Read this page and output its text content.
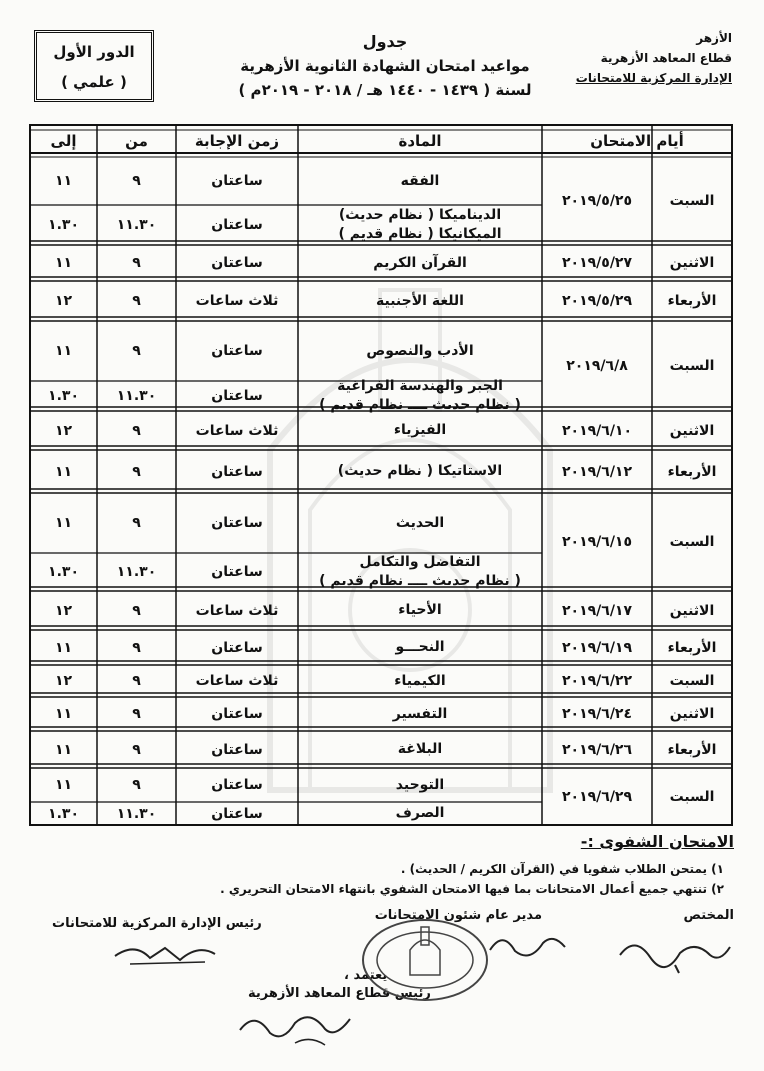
الأزهر
قطاع المعاهد الأزهرية
الإدارة المركزية للامتحانات
جدول
مواعيد امتحان الشهادة الثانوية الأزهرية
لسنة ( ١٤٣٩ - ١٤٤٠ هـ / ٢٠١٨ - ٢٠١٩م )
الدور الأول
( علمي )
أيام الامتحان
المادة
زمن الإجابة
من
إلى
السبت
٢٠١٩/٥/٢٥
الفقه
ساعتان
٩
١١
الديناميكا ( نظام حديث)
الميكانيكا ( نظام قديم )
ساعتان
١١.٣٠
١.٣٠
الاثنين
٢٠١٩/٥/٢٧
القرآن الكريم
ساعتان
٩
١١
الأربعاء
٢٠١٩/٥/٢٩
اللغة الأجنبية
ثلاث ساعات
٩
١٢
السبت
٢٠١٩/٦/٨
الأدب والنصوص
ساعتان
٩
١١
الجبر والهندسة الفراغية
( نظام حديث ــــ نظام قديم )
ساعتان
١١.٣٠
١.٣٠
الاثنين
٢٠١٩/٦/١٠
الفيزياء
ثلاث ساعات
٩
١٢
الأربعاء
٢٠١٩/٦/١٢
الاستاتيكا ( نظام حديث)
ساعتان
٩
١١
السبت
٢٠١٩/٦/١٥
الحديث
ساعتان
٩
١١
التفاضل والتكامل
( نظام حديث ــــ نظام قديم )
ساعتان
١١.٣٠
١.٣٠
الاثنين
٢٠١٩/٦/١٧
الأحياء
ثلاث ساعات
٩
١٢
الأربعاء
٢٠١٩/٦/١٩
النحـــو
ساعتان
٩
١١
السبت
٢٠١٩/٦/٢٢
الكيمياء
ثلاث ساعات
٩
١٢
الاثنين
٢٠١٩/٦/٢٤
التفسير
ساعتان
٩
١١
الأربعاء
٢٠١٩/٦/٢٦
البلاغة
ساعتان
٩
١١
السبت
٢٠١٩/٦/٢٩
التوحيد
ساعتان
٩
١١
الصرف
ساعتان
١١.٣٠
١.٣٠
الامتحان الشفوى :-
١) يمتحن الطلاب شفويا في (القرآن الكريم / الحديث) .
٢) تنتهي جميع أعمال الامتحانات بما فيها الامتحان الشفوي بانتهاء الامتحان التحريري .
المختص
مدير عام شئون الامتحانات
رئيس الإدارة المركزية للامتحانات
يعتمد ،
رئيس قطاع المعاهد الأزهرية
